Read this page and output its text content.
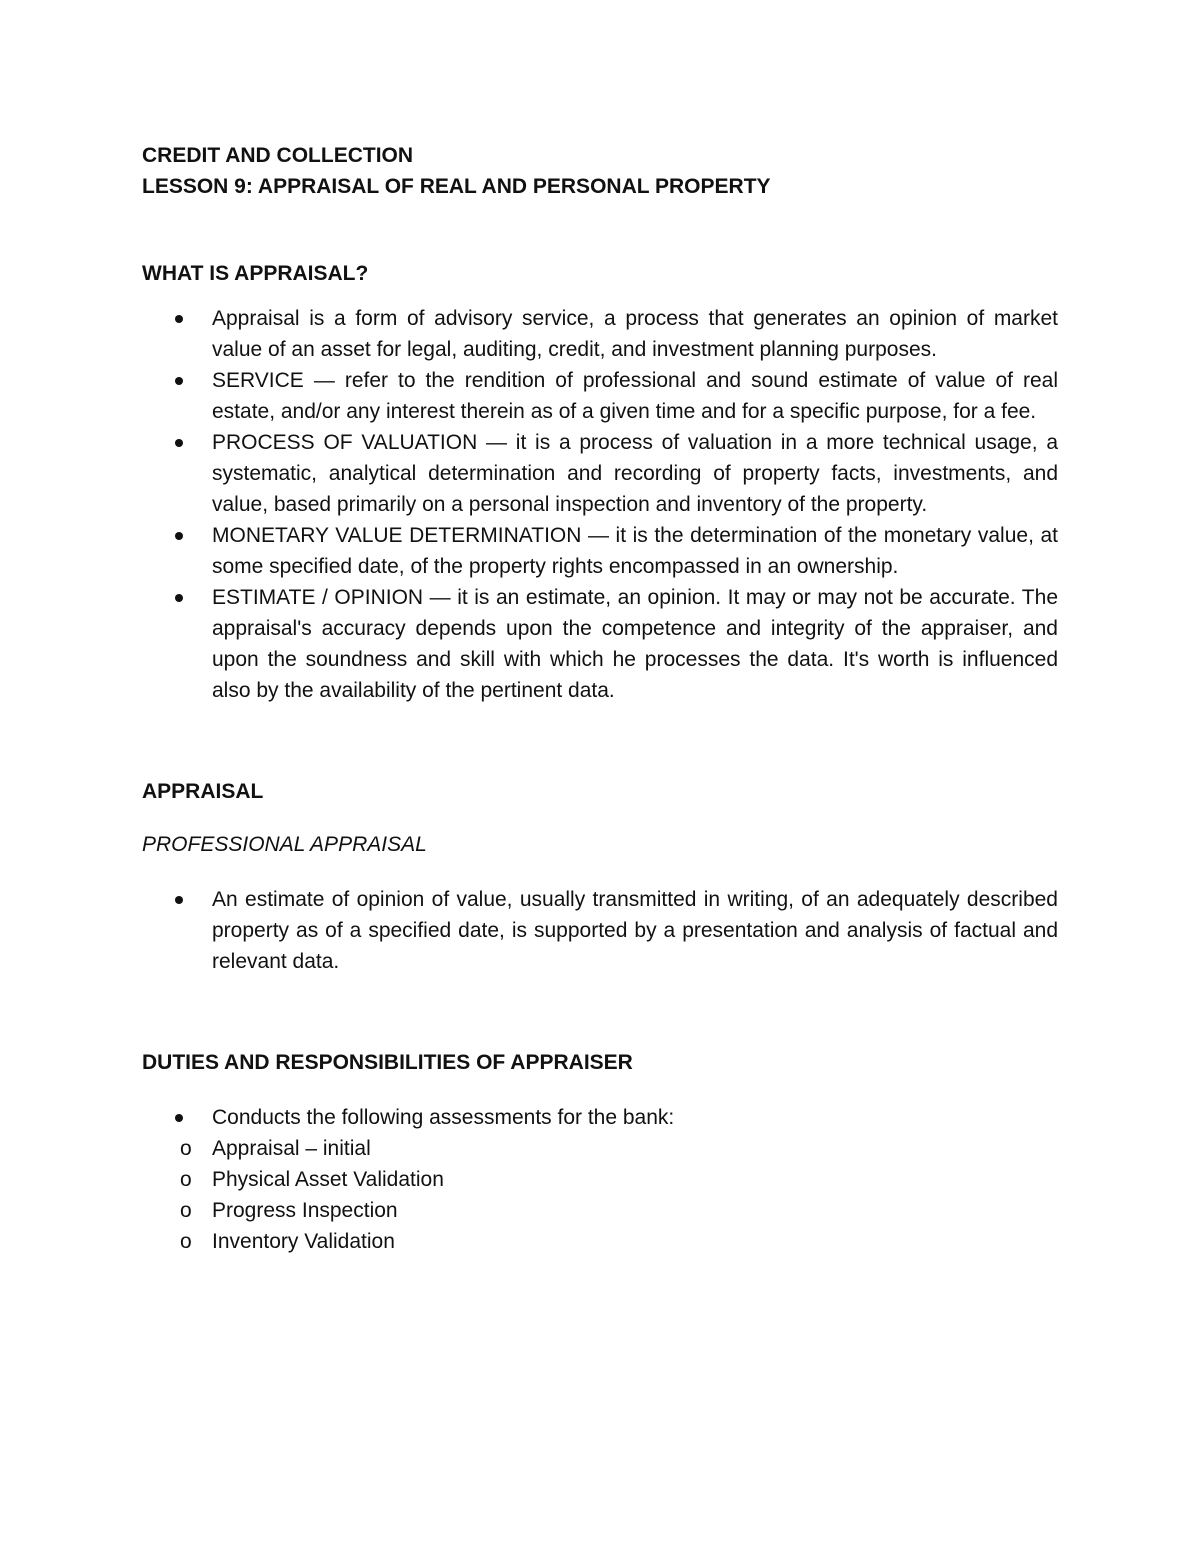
CREDIT AND COLLECTION

LESSON 9: APPRAISAL OF REAL AND PERSONAL PROPERTY

WHAT IS APPRAISAL?

Appraisal is a form of advisory service, a process that generates an opinion of market value of an asset for legal, auditing, credit, and investment planning purposes.
SERVICE — refer to the rendition of professional and sound estimate of value of real estate, and/or any interest therein as of a given time and for a specific purpose, for a fee.
PROCESS OF VALUATION — it is a process of valuation in a more technical usage, a systematic, analytical determination and recording of property facts, investments, and value, based primarily on a personal inspection and inventory of the property.
MONETARY VALUE DETERMINATION — it is the determination of the monetary value, at some specified date, of the property rights encompassed in an ownership.
ESTIMATE / OPINION — it is an estimate, an opinion. It may or may not be accurate. The appraisal's accuracy depends upon the competence and integrity of the appraiser, and upon the soundness and skill with which he processes the data. It's worth is influenced also by the availability of the pertinent data.

APPRAISAL

PROFESSIONAL APPRAISAL

An estimate of opinion of value, usually transmitted in writing, of an adequately described property as of a specified date, is supported by a presentation and analysis of factual and relevant data.

DUTIES AND RESPONSIBILITIES OF APPRAISER

Conducts the following assessments for the bank:
o Appraisal – initial
o Physical Asset Validation
o Progress Inspection
o Inventory Validation
